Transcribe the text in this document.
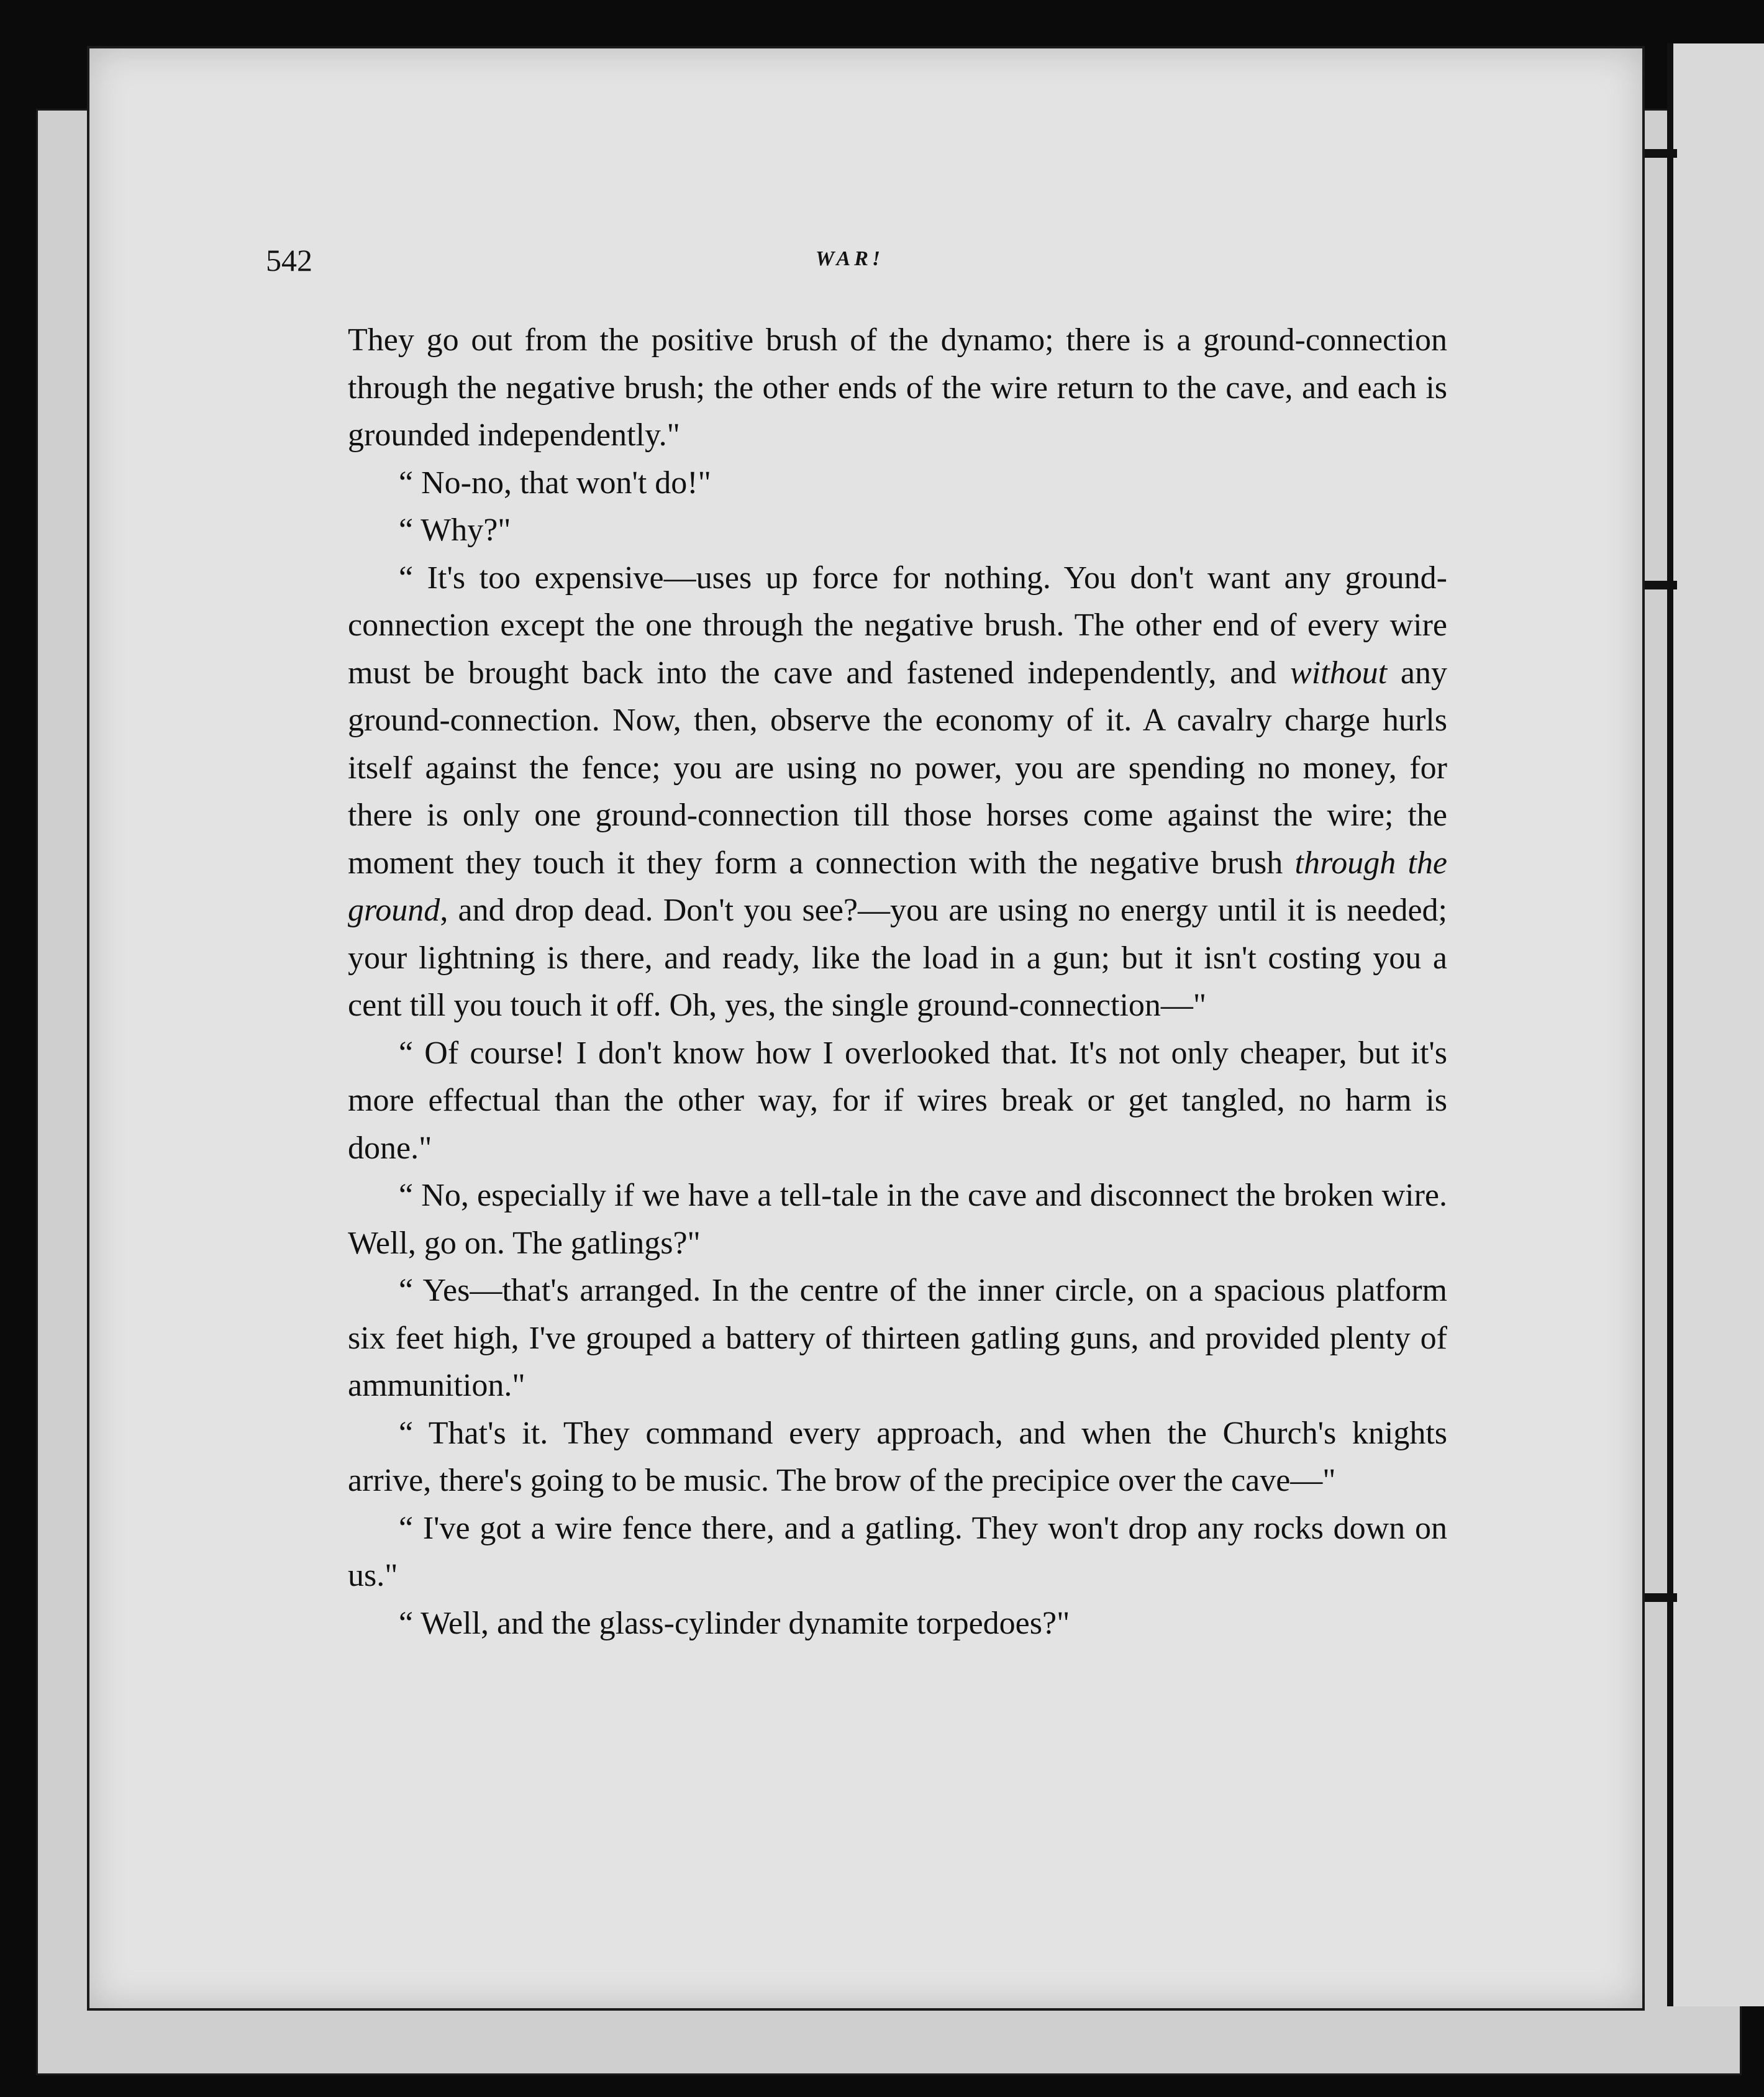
542	WAR!

They go out from the positive brush of the dynamo; there is a ground-connection through the negative brush; the other ends of the wire return to the cave, and each is grounded independently."

“ No-no, that won't do!"

“ Why?"

“ It's too expensive—uses up force for nothing. You don't want any ground-connection except the one through the negative brush. The other end of every wire must be brought back into the cave and fastened independently, and without any ground-connection. Now, then, observe the economy of it. A cavalry charge hurls itself against the fence; you are using no power, you are spending no money, for there is only one ground-connection till those horses come against the wire; the moment they touch it they form a connection with the negative brush through the ground, and drop dead. Don't you see?—you are using no energy until it is needed; your lightning is there, and ready, like the load in a gun; but it isn't costing you a cent till you touch it off. Oh, yes, the single ground-connection—"

“ Of course! I don't know how I overlooked that. It's not only cheaper, but it's more effectual than the other way, for if wires break or get tangled, no harm is done."

“ No, especially if we have a tell-tale in the cave and disconnect the broken wire. Well, go on. The gatlings?"

“ Yes—that's arranged. In the centre of the inner circle, on a spacious platform six feet high, I've grouped a battery of thirteen gatling guns, and provided plenty of ammunition."

“ That's it. They command every approach, and when the Church's knights arrive, there's going to be music. The brow of the precipice over the cave—"

“ I've got a wire fence there, and a gatling. They won't drop any rocks down on us."

“ Well, and the glass-cylinder dynamite torpedoes?"
